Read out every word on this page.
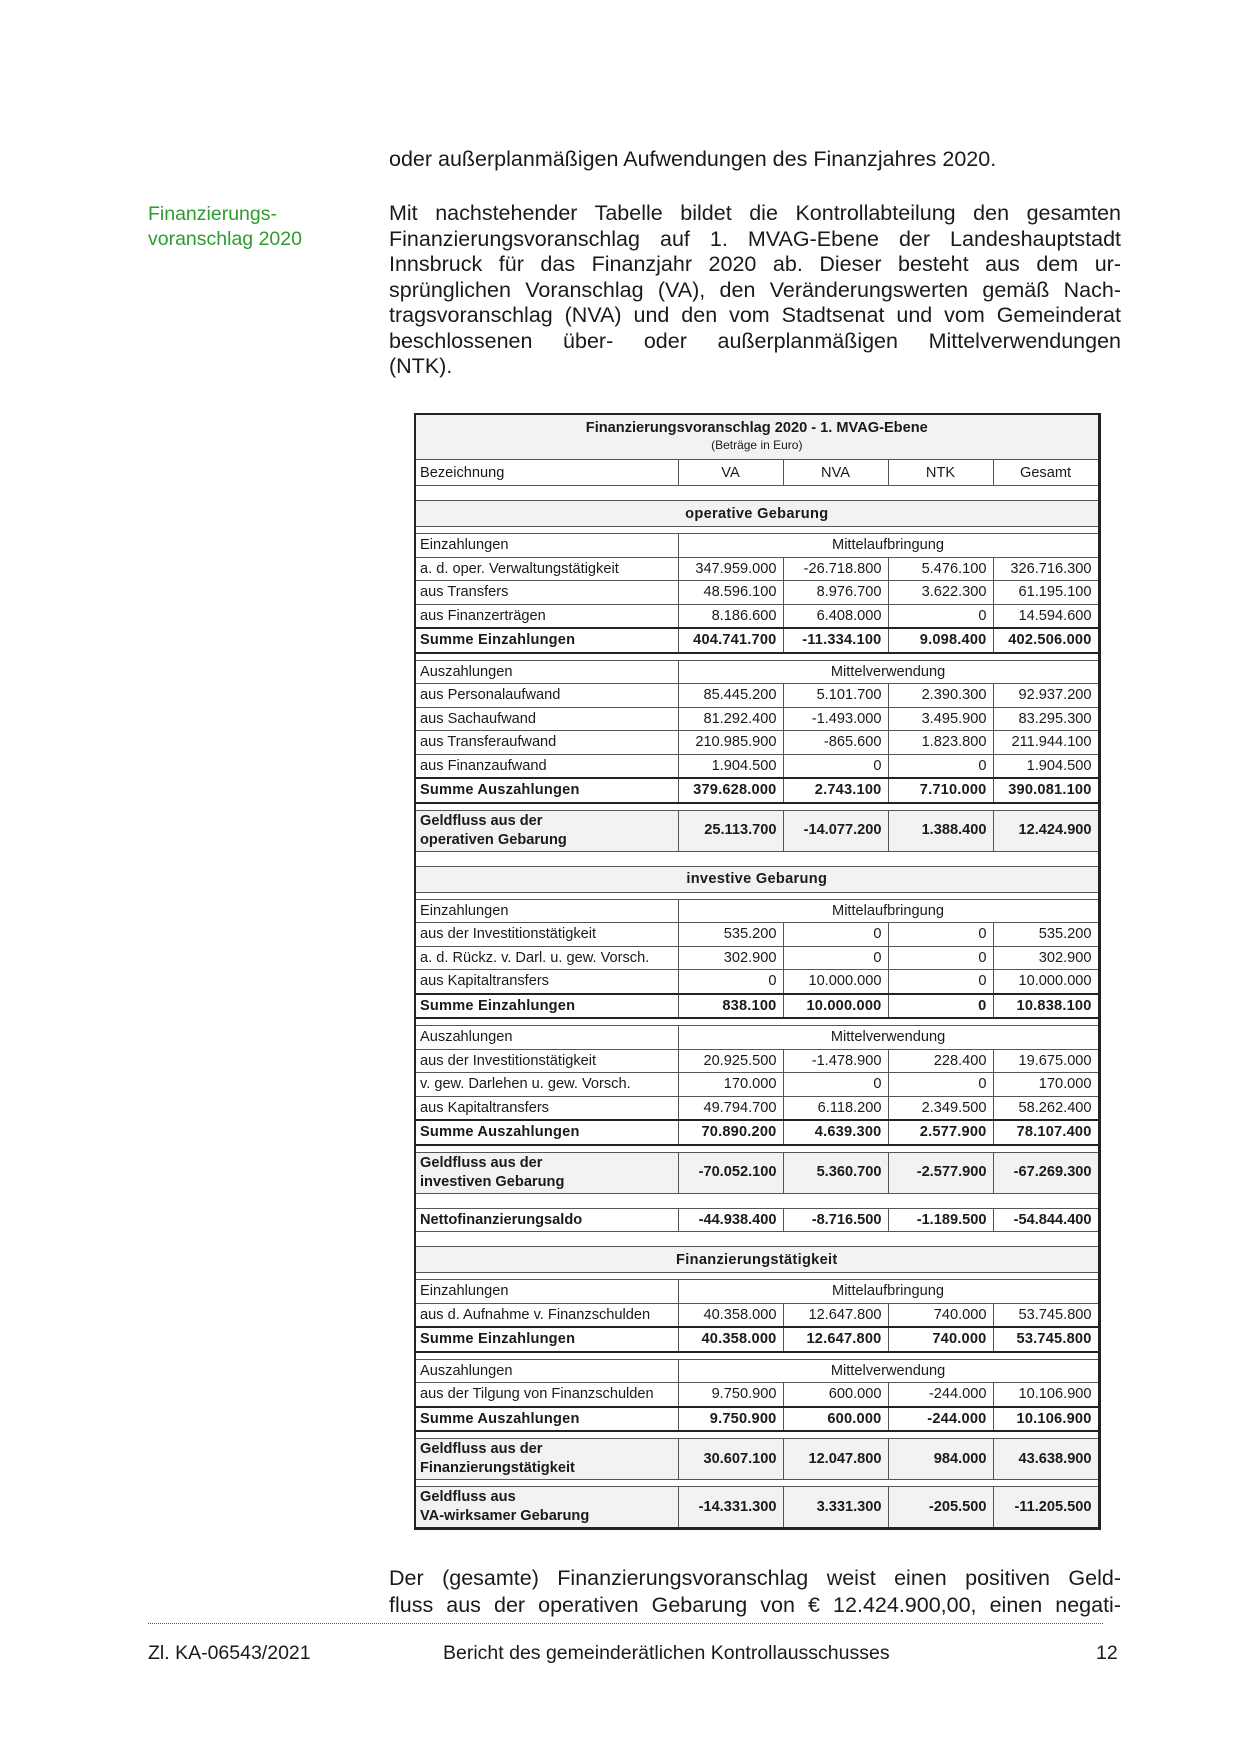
oder außerplanmäßigen Aufwendungen des Finanzjahres 2020.
Finanzierungs-
voranschlag 2020
Mit nachstehender Tabelle bildet die Kontrollabteilung den gesamten
Finanzierungsvoranschlag auf 1. MVAG-Ebene der Landeshauptstadt
Innsbruck für das Finanzjahr 2020 ab. Dieser besteht aus dem ur-
sprünglichen Voranschlag (VA), den Veränderungswerten gemäß Nach-
tragsvoranschlag (NVA) und den vom Stadtsenat und vom Gemeinderat
beschlossenen über- oder außerplanmäßigen Mittelverwendungen
(NTK).
Finanzierungsvoranschlag 2020 - 1. MVAG-Ebene
(Beträge in Euro)				

Bezeichnung	VA	NVA	NTK	Gesamt

operative Gebarung				

Einzahlungen	Mittelaufbringung			
a. d. oper. Verwaltungstätigkeit	347.959.000	-26.718.800	5.476.100	326.716.300
aus Transfers	48.596.100	8.976.700	3.622.300	61.195.100
aus Finanzerträgen	8.186.600	6.408.000	0	14.594.600
Summe Einzahlungen	404.741.700	-11.334.100	9.098.400	402.506.000

Auszahlungen	Mittelverwendung			
aus Personalaufwand	85.445.200	5.101.700	2.390.300	92.937.200
aus Sachaufwand	81.292.400	-1.493.000	3.495.900	83.295.300
aus Transferaufwand	210.985.900	-865.600	1.823.800	211.944.100
aus Finanzaufwand	1.904.500	0	0	1.904.500
Summe Auszahlungen	379.628.000	2.743.100	7.710.000	390.081.100

Geldfluss aus der
operativen Gebarung	25.113.700	-14.077.200	1.388.400	12.424.900

investive Gebarung				

Einzahlungen	Mittelaufbringung			
aus der Investitionstätigkeit	535.200	0	0	535.200
a. d. Rückz. v. Darl. u. gew. Vorsch.	302.900	0	0	302.900
aus Kapitaltransfers	0	10.000.000	0	10.000.000
Summe Einzahlungen	838.100	10.000.000	0	10.838.100

Auszahlungen	Mittelverwendung			
aus der Investitionstätigkeit	20.925.500	-1.478.900	228.400	19.675.000
v. gew. Darlehen u. gew. Vorsch.	170.000	0	0	170.000
aus Kapitaltransfers	49.794.700	6.118.200	2.349.500	58.262.400
Summe Auszahlungen	70.890.200	4.639.300	2.577.900	78.107.400

Geldfluss aus der
investiven Gebarung	-70.052.100	5.360.700	-2.577.900	-67.269.300

Nettofinanzierungsaldo	-44.938.400	-8.716.500	-1.189.500	-54.844.400

Finanzierungstätigkeit				

Einzahlungen	Mittelaufbringung			
aus d. Aufnahme v. Finanzschulden	40.358.000	12.647.800	740.000	53.745.800
Summe Einzahlungen	40.358.000	12.647.800	740.000	53.745.800

Auszahlungen	Mittelverwendung			
aus der Tilgung von Finanzschulden	9.750.900	600.000	-244.000	10.106.900
Summe Auszahlungen	9.750.900	600.000	-244.000	10.106.900

Geldfluss aus der
Finanzierungstätigkeit	30.607.100	12.047.800	984.000	43.638.900

Geldfluss aus
VA-wirksamer Gebarung	-14.331.300	3.331.300	-205.500	-11.205.500
Der (gesamte) Finanzierungsvoranschlag weist einen positiven Geld-
fluss aus der operativen Gebarung von € 12.424.900,00, einen negati-
Zl. KA-06543/2021	Bericht des gemeinderätlichen Kontrollausschusses	12
